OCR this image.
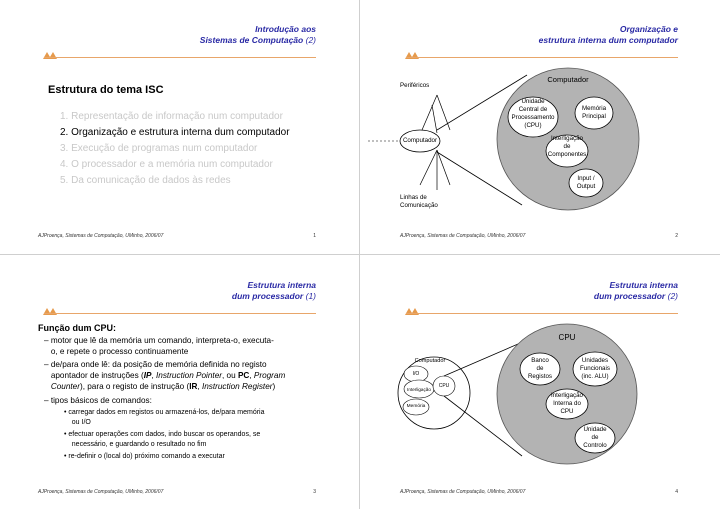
Introdução aos
Sistemas de Computação (2)
Estrutura do tema ISC
1. Representação de informação num computador
2. Organização e estrutura interna dum computador
3. Execução de programas num computador
4. O processador e a memória num computador
5. Da comunicação de dados às redes
AJProença, Sistemas de Computação, UMinho, 2006/07	1
Organização e
estrutura interna dum computador
Periféricos
Computador
Linhas de
Comunicação
Computador
Unidade
Central de
Processamento
(CPU)
Memória
Principal
Interligação
de
Componentes
Input /
Output
AJProença, Sistemas de Computação, UMinho, 2006/07	2
Estrutura interna
dum processador (1)
Função dum CPU:
– motor que lê da memória um comando, interpreta-o, executa-
o, e repete o processo continuamente
– de/para onde lê: da posição de memória definida no registo
apontador de instruções (IP, Instruction Pointer, ou PC, Program
Counter), para o registo de instrução (IR, Instruction Register)
– tipos básicos de comandos:
• carregar dados em registos ou armazená-los, de/para memória
ou I/O
• efectuar operações com dados, indo buscar os operandos, se
necessário, e guardando o resultado no fim
• re-definir o (local do) próximo comando a executar
AJProença, Sistemas de Computação, UMinho, 2006/07	3
Estrutura interna
dum processador (2)
Computador
I/O
Interligação
CPU
Memória
CPU
Banco
de
Registos
Unidades
Funcionais
(inc. ALU)
Interligação
Interna do
CPU
Unidade
de
Controlo
AJProença, Sistemas de Computação, UMinho, 2006/07	4
